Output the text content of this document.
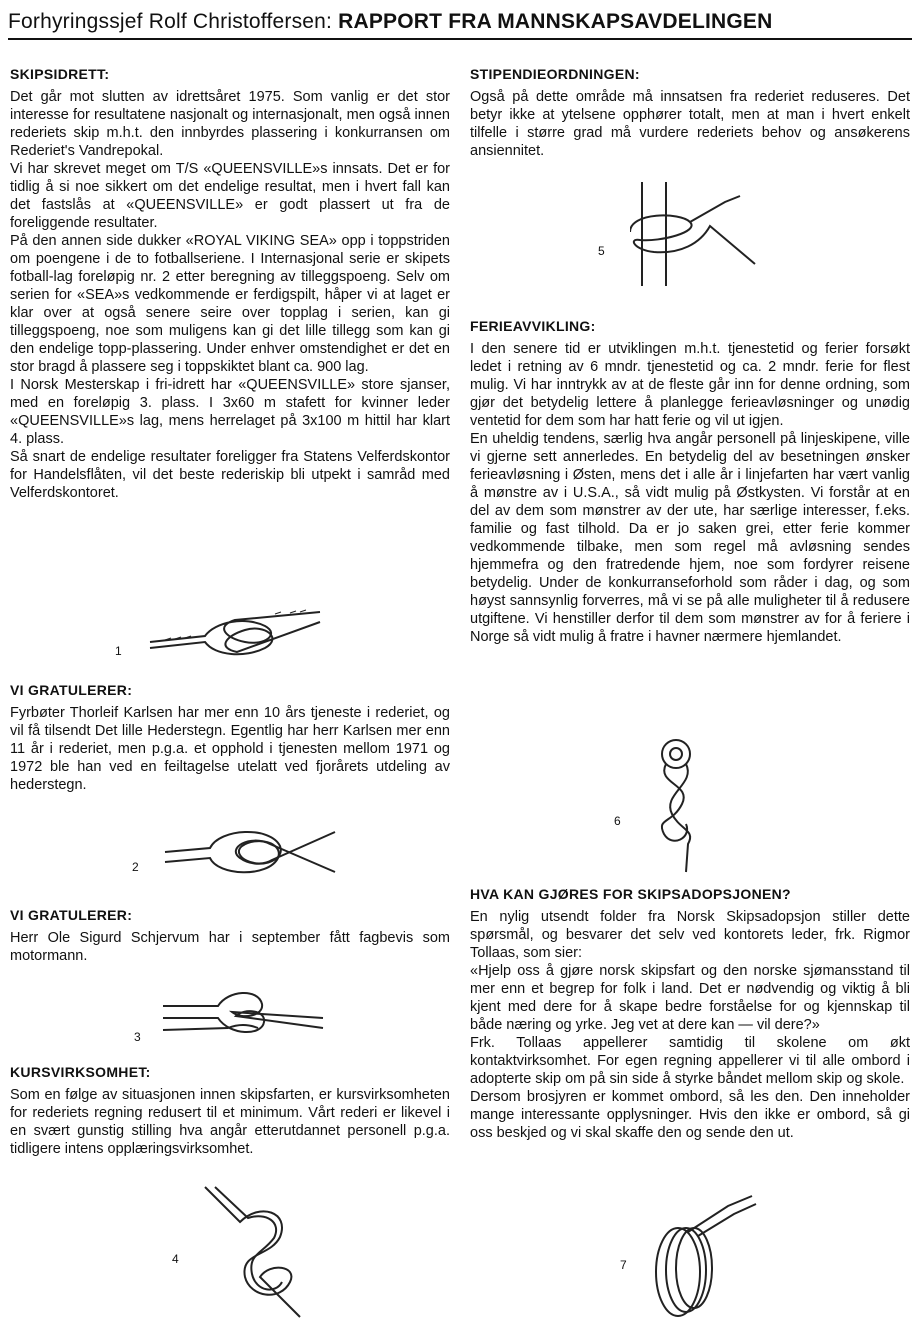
Forhyringssjef Rolf Christoffersen: RAPPORT FRA MANNSKAPSAVDELINGEN
SKIPSIDRETT:

Det går mot slutten av idrettsåret 1975. Som vanlig er det stor interesse for resultatene nasjonalt og internasjonalt, men også innen rederiets skip m.h.t. den innbyrdes plassering i konkurransen om Rederiet's Vandrepokal.

Vi har skrevet meget om T/S «QUEENSVILLE»s innsats. Det er for tidlig å si noe sikkert om det endelige resultat, men i hvert fall kan det fastslås at «QUEENSVILLE» er godt plassert ut fra de foreliggende resultater.

På den annen side dukker «ROYAL VIKING SEA» opp i toppstriden om poengene i de to fotballseriene. I Internasjonal serie er skipets fotball-lag foreløpig nr. 2 etter beregning av tilleggspoeng. Selv om serien for «SEA»s vedkommende er ferdigspilt, håper vi at laget er klar over at også senere seire over topplag i serien, kan gi tilleggspoeng, noe som muligens kan gi det lille tillegg som kan gi den endelige topp-plassering. Under enhver omstendighet er det en stor bragd å plassere seg i toppskiktet blant ca. 900 lag.

I Norsk Mesterskap i fri-idrett har «QUEENSVILLE» store sjanser, med en foreløpig 3. plass. I 3x60 m stafett for kvinner leder «QUEENSVILLE»s lag, mens herrelaget på 3x100 m hittil har klart 4. plass.

Så snart de endelige resultater foreligger fra Statens Velferdskontor for Handelsflåten, vil det beste rederiskip bli utpekt i samråd med Velferdskontoret.

1
VI GRATULERER:

Fyrbøter Thorleif Karlsen har mer enn 10 års tjeneste i rederiet, og vil få tilsendt Det lille Hederstegn. Egentlig har herr Karlsen mer enn 11 år i rederiet, men p.g.a. et opphold i tjenesten mellom 1971 og 1972 ble han ved en feiltagelse utelatt ved fjorårets utdeling av hederstegn.

2
VI GRATULERER:

Herr Ole Sigurd Schjervum har i september fått fagbevis som motormann.

3
KURSVIRKSOMHET:

Som en følge av situasjonen innen skipsfarten, er kursvirksomheten for rederiets regning redusert til et minimum. Vårt rederi er likevel i en svært gunstig stilling hva angår etterutdannet personell p.g.a. tidligere intens opplæringsvirksomhet.

4
STIPENDIEORDNINGEN:

Også på dette område må innsatsen fra rederiet reduseres. Det betyr ikke at ytelsene opphører totalt, men at man i hvert enkelt tilfelle i større grad må vurdere rederiets behov og ansøkerens ansiennitet.

5
FERIEAVVIKLING:

I den senere tid er utviklingen m.h.t. tjenestetid og ferier forsøkt ledet i retning av 6 mndr. tjenestetid og ca. 2 mndr. ferie for flest mulig. Vi har inntrykk av at de fleste går inn for denne ordning, som gjør det betydelig lettere å planlegge ferieavløsninger og unødig ventetid for dem som har hatt ferie og vil ut igjen.

En uheldig tendens, særlig hva angår personell på linjeskipene, ville vi gjerne sett annerledes. En betydelig del av besetningen ønsker ferieavløsning i Østen, mens det i alle år i linjefarten har vært vanlig å mønstre av i U.S.A., så vidt mulig på Østkysten. Vi forstår at en del av dem som mønstrer av der ute, har særlige interesser, f.eks. familie og fast tilhold. Da er jo saken grei, etter ferie kommer vedkommende tilbake, men som regel må avløsning sendes hjemmefra og den fratredende hjem, noe som fordyrer reisene betydelig. Under de konkurranseforhold som råder i dag, og som høyst sannsynlig forverres, må vi se på alle muligheter til å redusere utgiftene. Vi henstiller derfor til dem som mønstrer av for å feriere i Norge så vidt mulig å fratre i havner nærmere hjemlandet.

6
HVA KAN GJØRES FOR SKIPSADOPSJONEN?

En nylig utsendt folder fra Norsk Skipsadopsjon stiller dette spørsmål, og besvarer det selv ved kontorets leder, frk. Rigmor Tollaas, som sier:

«Hjelp oss å gjøre norsk skipsfart og den norske sjømansstand til mer enn et begrep for folk i land. Det er nødvendig og viktig å bli kjent med dere for å skape bedre forståelse for og kjennskap til både næring og yrke. Jeg vet at dere kan — vil dere?»

Frk. Tollaas appellerer samtidig til skolene om økt kontaktvirksomhet. For egen regning appellerer vi til alle ombord i adopterte skip om på sin side å styrke båndet mellom skip og skole.

Dersom brosjyren er kommet ombord, så les den. Den inneholder mange interessante opplysninger. Hvis den ikke er ombord, så gi oss beskjed og vi skal skaffe den og sende den ut.

7
